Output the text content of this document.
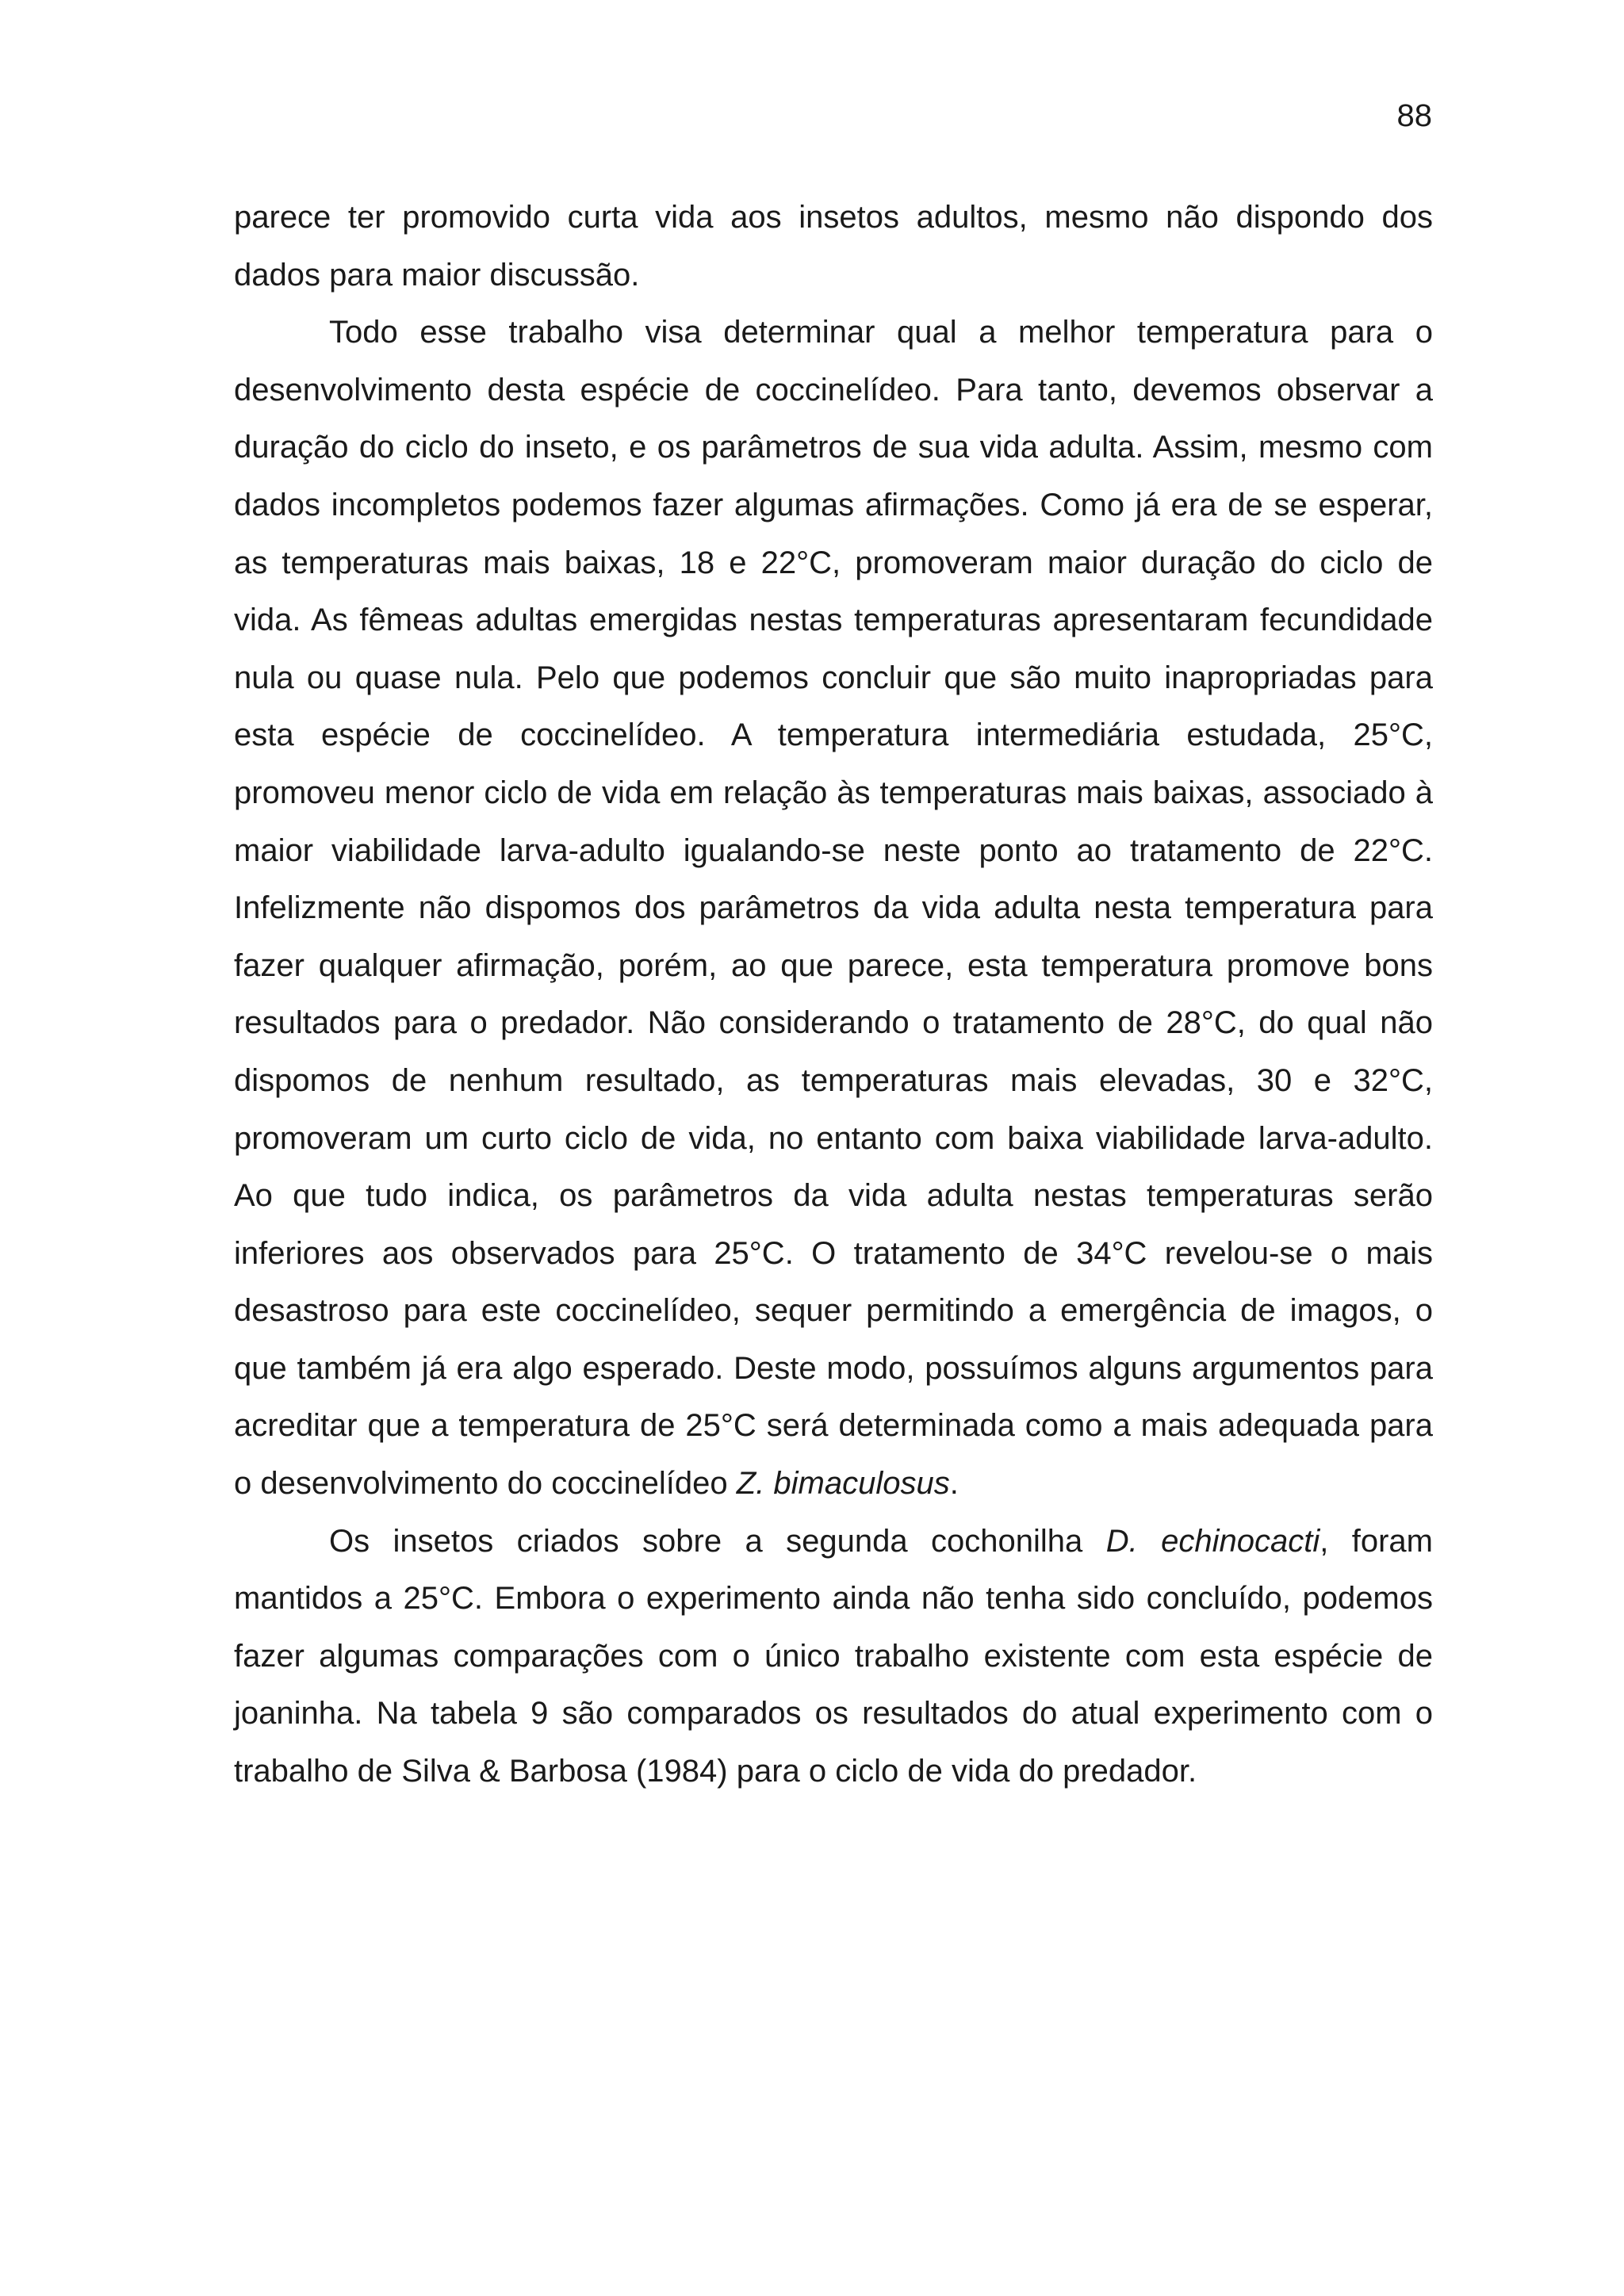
88

parece ter promovido curta vida aos insetos adultos, mesmo não dispondo dos dados para maior discussão.

Todo esse trabalho visa determinar qual a melhor temperatura para o desenvolvimento desta espécie de coccinelídeo. Para tanto, devemos observar a duração do ciclo do inseto, e os parâmetros de sua vida adulta. Assim, mesmo com dados incompletos podemos fazer algumas afirmações. Como já era de se esperar, as temperaturas mais baixas, 18 e 22°C, promoveram maior duração do ciclo de vida. As fêmeas adultas emergidas nestas temperaturas apresentaram fecundidade nula ou quase nula. Pelo que podemos concluir que são muito inapropriadas para esta espécie de coccinelídeo. A temperatura intermediária estudada, 25°C, promoveu menor ciclo de vida em relação às temperaturas mais baixas, associado à maior viabilidade larva-adulto igualando-se neste ponto ao tratamento de 22°C. Infelizmente não dispomos dos parâmetros da vida adulta nesta temperatura para fazer qualquer afirmação, porém, ao que parece, esta temperatura promove bons resultados para o predador. Não considerando o tratamento de 28°C, do qual não dispomos de nenhum resultado, as temperaturas mais elevadas, 30 e 32°C, promoveram um curto ciclo de vida, no entanto com baixa viabilidade larva-adulto. Ao que tudo indica, os parâmetros da vida adulta nestas temperaturas serão inferiores aos observados para 25°C. O tratamento de 34°C revelou-se o mais desastroso para este coccinelídeo, sequer permitindo a emergência de imagos, o que também já era algo esperado. Deste modo, possuímos alguns argumentos para acreditar que a temperatura de 25°C será determinada como a mais adequada para o desenvolvimento do coccinelídeo Z. bimaculosus.

Os insetos criados sobre a segunda cochonilha D. echinocacti, foram mantidos a 25°C. Embora o experimento ainda não tenha sido concluído, podemos fazer algumas comparações com o único trabalho existente com esta espécie de joaninha. Na tabela 9 são comparados os resultados do atual experimento com o trabalho de Silva & Barbosa (1984) para o ciclo de vida do predador.
